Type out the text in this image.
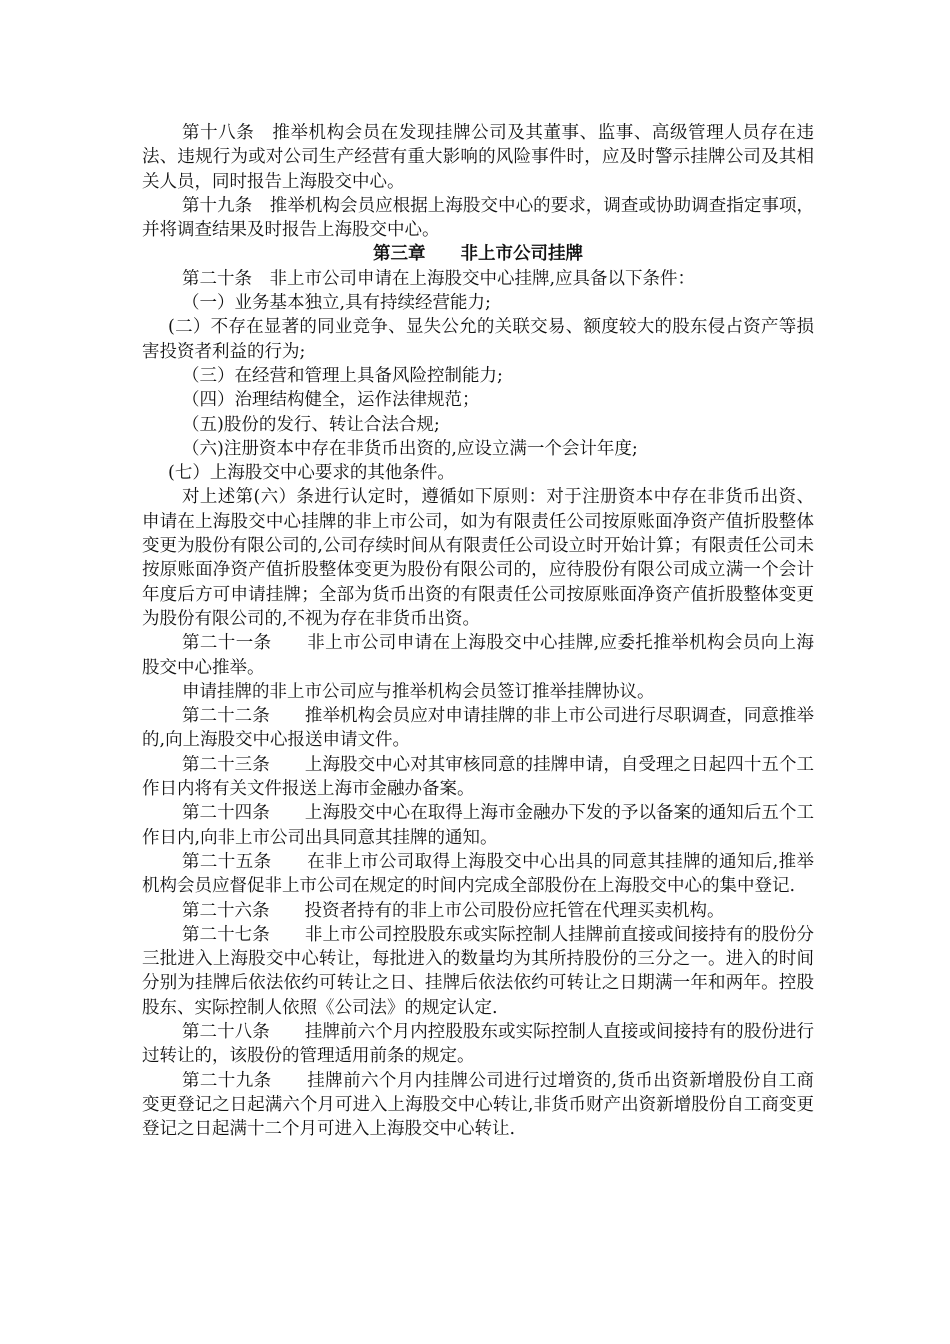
第十八条　推举机构会员在发现挂牌公司及其董事、监事、高级管理人员存在违法、违规行为或对公司生产经营有重大影响的风险事件时，应及时警示挂牌公司及其相关人员，同时报告上海股交中心。

第十九条　推举机构会员应根据上海股交中心的要求，调查或协助调查指定事项，并将调查结果及时报告上海股交中心。

第三章　　非上市公司挂牌

第二十条　非上市公司申请在上海股交中心挂牌,应具备以下条件：

（一）业务基本独立,具有持续经营能力;

(二）不存在显著的同业竞争、显失公允的关联交易、额度较大的股东侵占资产等损害投资者利益的行为;

（三）在经营和管理上具备风险控制能力;

（四）治理结构健全，运作法律规范；

（五)股份的发行、转让合法合规;

（六)注册资本中存在非货币出资的,应设立满一个会计年度;

(七）上海股交中心要求的其他条件。

对上述第(六）条进行认定时，遵循如下原则：对于注册资本中存在非货币出资、申请在上海股交中心挂牌的非上市公司，如为有限责任公司按原账面净资产值折股整体变更为股份有限公司的,公司存续时间从有限责任公司设立时开始计算；有限责任公司未按原账面净资产值折股整体变更为股份有限公司的，应待股份有限公司成立满一个会计年度后方可申请挂牌；全部为货币出资的有限责任公司按原账面净资产值折股整体变更为股份有限公司的,不视为存在非货币出资。

第二十一条　　非上市公司申请在上海股交中心挂牌,应委托推举机构会员向上海股交中心推举。

申请挂牌的非上市公司应与推举机构会员签订推举挂牌协议。

第二十二条　　推举机构会员应对申请挂牌的非上市公司进行尽职调查，同意推举的,向上海股交中心报送申请文件。

第二十三条　　上海股交中心对其审核同意的挂牌申请，自受理之日起四十五个工作日内将有关文件报送上海市金融办备案。

第二十四条　　上海股交中心在取得上海市金融办下发的予以备案的通知后五个工作日内,向非上市公司出具同意其挂牌的通知。

第二十五条　　在非上市公司取得上海股交中心出具的同意其挂牌的通知后,推举机构会员应督促非上市公司在规定的时间内完成全部股份在上海股交中心的集中登记.

第二十六条　　投资者持有的非上市公司股份应托管在代理买卖机构。

第二十七条　　非上市公司控股股东或实际控制人挂牌前直接或间接持有的股份分三批进入上海股交中心转让，每批进入的数量均为其所持股份的三分之一。进入的时间分别为挂牌后依法依约可转让之日、挂牌后依法依约可转让之日期满一年和两年。控股股东、实际控制人依照《公司法》的规定认定.

第二十八条　　挂牌前六个月内控股股东或实际控制人直接或间接持有的股份进行过转让的，该股份的管理适用前条的规定。

第二十九条　　挂牌前六个月内挂牌公司进行过增资的,货币出资新增股份自工商变更登记之日起满六个月可进入上海股交中心转让,非货币财产出资新增股份自工商变更登记之日起满十二个月可进入上海股交中心转让.
